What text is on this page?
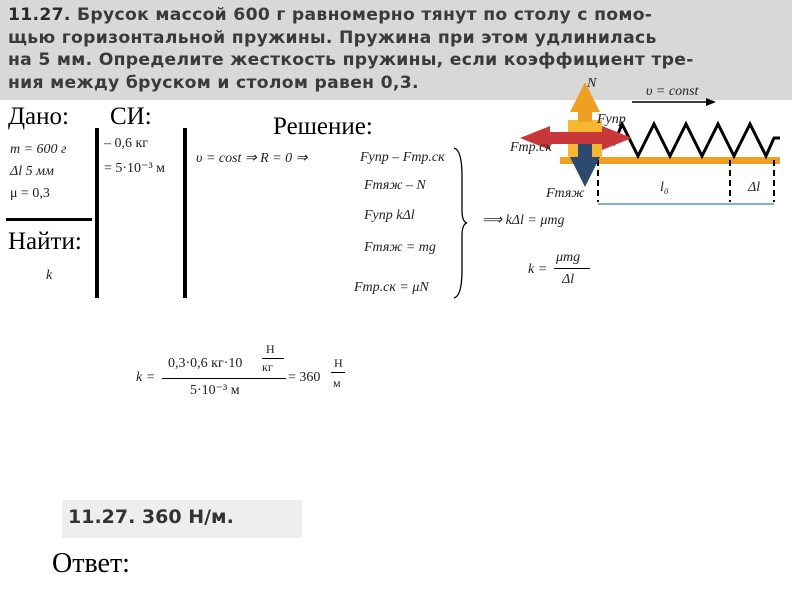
11.27. Брусок массой 600 г равномерно тянут по столу с помо-
щью горизонтальной пружины. Пружина при этом удлинилась
на 5 мм. Определите жесткость пружины, если коэффициент тре-
ния между бруском и столом равен 0,3.
Дано:
m = 600 г
Δl 5 мм
μ = 0,3
Найти:
k
СИ:
– 0,6 кг
= 5·10⁻³ м
Решение:
υ = cost ⇒ R = 0 ⇒	Fупр – Fтр.ск
Fтяж – N
Fупр kΔl
Fтяж = mg
Fтр.ск = μN
⟹ kΔl = μmg
k =
μmg
Δl
N
υ = const
Fупр
Fтр.ск
Fтяж	l₀	Δl
k =
0,3·0,6 кг·10
Н
кг
5·10⁻³ м
= 360
Н
м
11.27. 360 Н/м.
Ответ:
